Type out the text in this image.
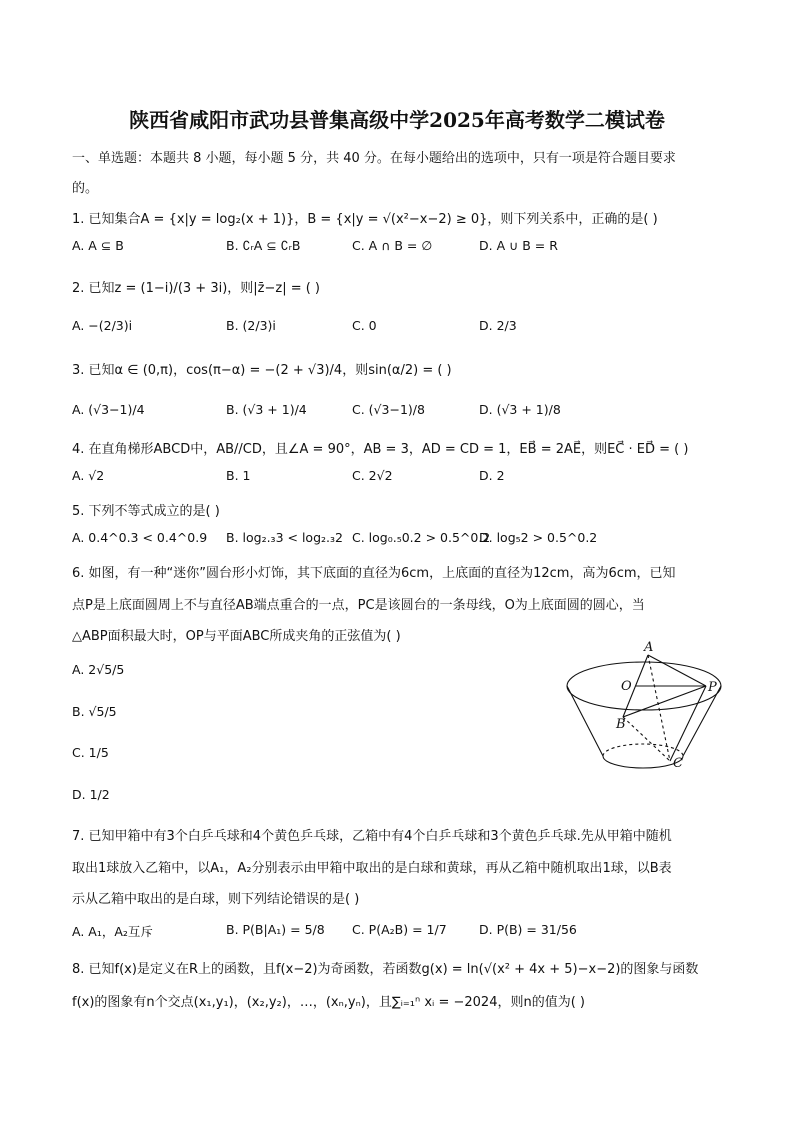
陕西省咸阳市武功县普集高级中学2025年高考数学二模试卷
一、单选题：本题共 8 小题，每小题 5 分，共 40 分。在每小题给出的选项中，只有一项是符合题目要求
的。
1. 已知集合A = {x|y = log₂(x + 1)}，B = {x|y = √(x²−x−2) ≥ 0}，则下列关系中，正确的是( )
A. A ⊆ B	B. ∁ᵣA ⊆ ∁ᵣB	C. A ∩ B = ∅	D. A ∪ B = R
2. 已知z = (1−i)/(3 + 3i)，则|z̄−z| = ( )
A. −(2/3)i	B. (2/3)i	C. 0	D. 2/3
3. 已知α ∈ (0,π)，cos(π−α) = −(2 + √3)/4，则sin(α/2) = ( )
A. (√3−1)/4	B. (√3 + 1)/4	C. (√3−1)/8	D. (√3 + 1)/8
4. 在直角梯形ABCD中，AB//CD，且∠A = 90°，AB = 3，AD = CD = 1，EB⃗ = 2AE⃗，则EC⃗ · ED⃗ = ( )
A. √2	B. 1	C. 2√2	D. 2
5. 下列不等式成立的是( )
A. 0.4^0.3 < 0.4^0.9 B. log₂.₃3 < log₂.₃2 C. log₀.₅0.2 > 0.5^0.2
D. log₅2 > 0.5^0.2
6. 如图，有一种“迷你”圆台形小灯饰，其下底面的直径为6cm，上底面的直径为12cm，高为6cm，已知
点P是上底面圆周上不与直径AB端点重合的一点，PC是该圆台的一条母线，O为上底面圆的圆心，当
△ABP面积最大时，OP与平面ABC所成夹角的正弦值为( )
A. 2√5/5
B. √5/5
C. 1/5
D. 1/2
A
O	P
B
C
7. 已知甲箱中有3个白乒乓球和4个黄色乒乓球，乙箱中有4个白乒乓球和3个黄色乒乓球.先从甲箱中随机
取出1球放入乙箱中，以A₁，A₂分别表示由甲箱中取出的是白球和黄球，再从乙箱中随机取出1球，以B表
示从乙箱中取出的是白球，则下列结论错误的是( )
A. A₁，A₂互斥	B. P(B|A₁) = 5/8 C. P(A₂B) = 1/7	D. P(B) = 31/56
8. 已知f(x)是定义在R上的函数，且f(x−2)为奇函数，若函数g(x) = ln(√(x² + 4x + 5)−x−2)的图象与函数
f(x)的图象有n个交点(x₁,y₁)，(x₂,y₂)，…，(xₙ,yₙ)，且∑ᵢ₌₁ⁿ xᵢ = −2024，则n的值为( )
